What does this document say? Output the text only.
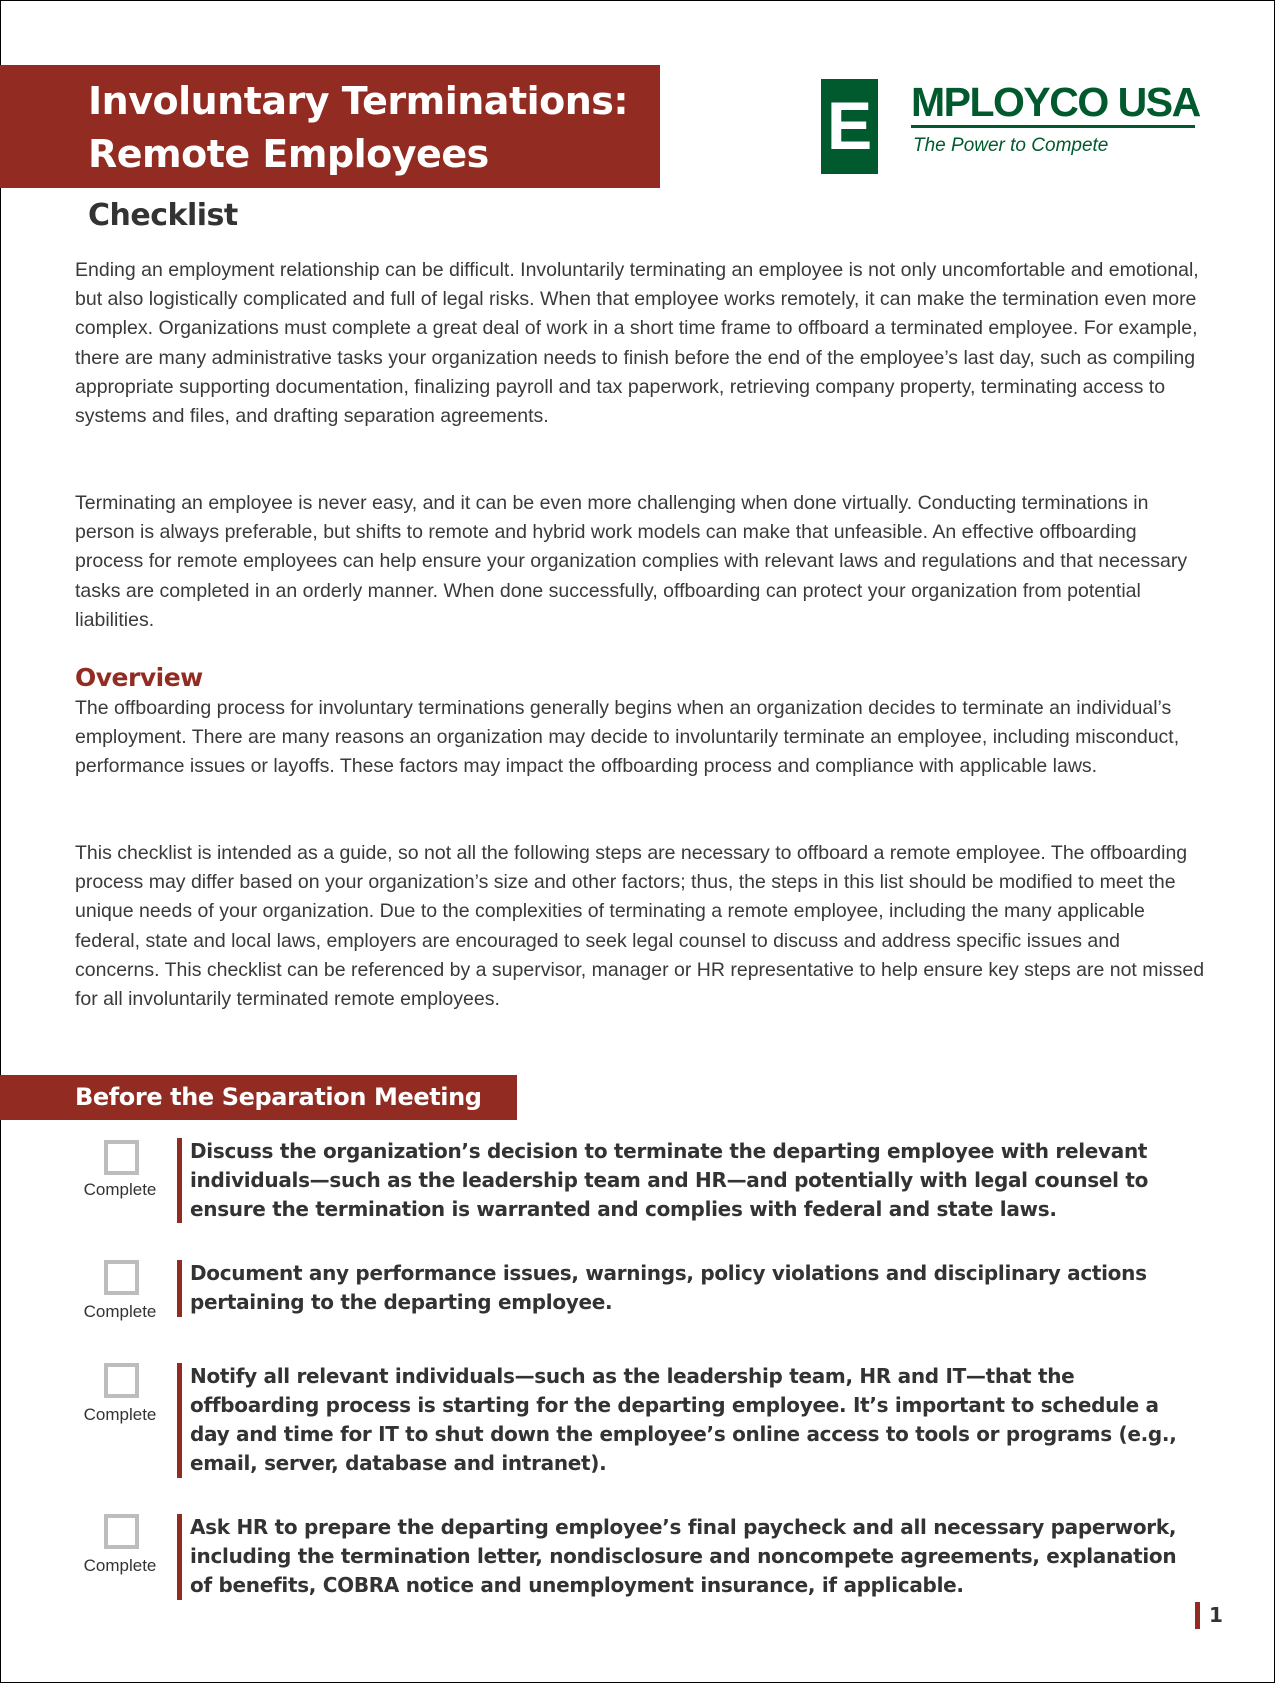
Involuntary Terminations:
Remote Employees	E MPLOYCO USA
The Power to Compete
Checklist

Ending an employment relationship can be difficult. Involuntarily terminating an employee is not only uncomfortable and emotional, but also logistically complicated and full of legal risks. When that employee works remotely, it can make the termination even more complex. Organizations must complete a great deal of work in a short time frame to offboard a terminated employee. For example, there are many administrative tasks your organization needs to finish before the end of the employee’s last day, such as compiling appropriate supporting documentation, finalizing payroll and tax paperwork, retrieving company property, terminating access to systems and files, and drafting separation agreements.

Terminating an employee is never easy, and it can be even more challenging when done virtually. Conducting terminations in person is always preferable, but shifts to remote and hybrid work models can make that unfeasible. An effective offboarding process for remote employees can help ensure your organization complies with relevant laws and regulations and that necessary tasks are completed in an orderly manner. When done successfully, offboarding can protect your organization from potential liabilities.

Overview

The offboarding process for involuntary terminations generally begins when an organization decides to terminate an individual’s employment. There are many reasons an organization may decide to involuntarily terminate an employee, including misconduct, performance issues or layoffs. These factors may impact the offboarding process and compliance with applicable laws.

This checklist is intended as a guide, so not all the following steps are necessary to offboard a remote employee. The offboarding process may differ based on your organization’s size and other factors; thus, the steps in this list should be modified to meet the unique needs of your organization. Due to the complexities of terminating a remote employee, including the many applicable federal, state and local laws, employers are encouraged to seek legal counsel to discuss and address specific issues and concerns. This checklist can be referenced by a supervisor, manager or HR representative to help ensure key steps are not missed for all involuntarily terminated remote employees.

Before the Separation Meeting
Complete
Discuss the organization’s decision to terminate the departing employee with relevant individuals—such as the leadership team and HR—and potentially with legal counsel to ensure the termination is warranted and complies with federal and state laws.
Complete
Document any performance issues, warnings, policy violations and disciplinary actions pertaining to the departing employee.
Complete
Notify all relevant individuals—such as the leadership team, HR and IT—that the offboarding process is starting for the departing employee. It’s important to schedule a day and time for IT to shut down the employee’s online access to tools or programs (e.g., email, server, database and intranet).
Complete
Ask HR to prepare the departing employee’s final paycheck and all necessary paperwork, including the termination letter, nondisclosure and noncompete agreements, explanation of benefits, COBRA notice and unemployment insurance, if applicable.
1
